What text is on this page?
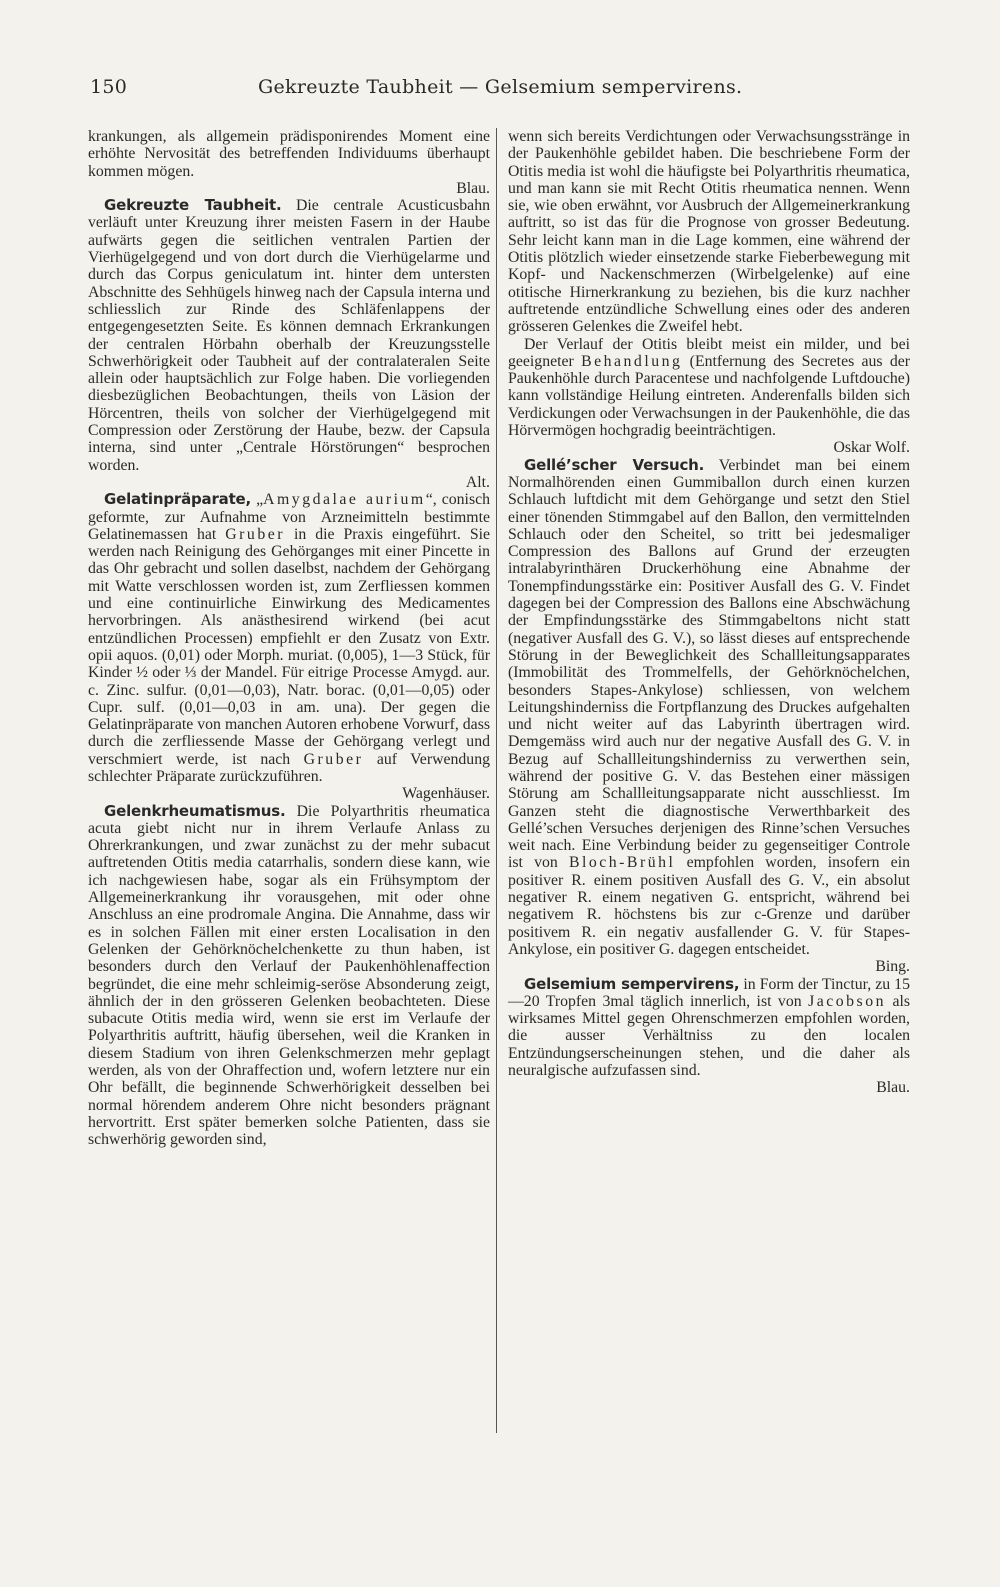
150	Gekreuzte Taubheit — Gelsemium sempervirens.

krankungen, als allgemein prädisponirendes Moment eine erhöhte Nervosität des betreffenden Individuums überhaupt kommen mögen.

Blau.

Gekreuzte Taubheit. Die centrale Acusticusbahn verläuft unter Kreuzung ihrer meisten Fasern in der Haube aufwärts gegen die seitlichen ventralen Partien der Vierhügelgegend und von dort durch die Vierhügelarme und durch das Corpus geniculatum int. hinter dem untersten Abschnitte des Sehhügels hinweg nach der Capsula interna und schliesslich zur Rinde des Schläfenlappens der entgegengesetzten Seite. Es können demnach Erkrankungen der centralen Hörbahn oberhalb der Kreuzungsstelle Schwerhörigkeit oder Taubheit auf der contralateralen Seite allein oder hauptsächlich zur Folge haben. Die vorliegenden diesbezüglichen Beobachtungen, theils von Läsion der Hörcentren, theils von solcher der Vierhügelgegend mit Compression oder Zerstörung der Haube, bezw. der Capsula interna, sind unter „Centrale Hörstörungen“ besprochen worden.

Alt.

Gelatinpräparate, „Amygdalae aurium“, conisch geformte, zur Aufnahme von Arzneimitteln bestimmte Gelatinemassen hat Gruber in die Praxis eingeführt. Sie werden nach Reinigung des Gehörganges mit einer Pincette in das Ohr gebracht und sollen daselbst, nachdem der Gehörgang mit Watte verschlossen worden ist, zum Zerfliessen kommen und eine continuirliche Einwirkung des Medicamentes hervorbringen. Als anästhesirend wirkend (bei acut entzündlichen Processen) empfiehlt er den Zusatz von Extr. opii aquos. (0,01) oder Morph. muriat. (0,005), 1—3 Stück, für Kinder ½ oder ⅓ der Mandel. Für eitrige Processe Amygd. aur. c. Zinc. sulfur. (0,01—0,03), Natr. borac. (0,01—0,05) oder Cupr. sulf. (0,01—0,03 in am. una). Der gegen die Gelatinpräparate von manchen Autoren erhobene Vorwurf, dass durch die zerfliessende Masse der Gehörgang verlegt und verschmiert werde, ist nach Gruber auf Verwendung schlechter Präparate zurückzuführen.

Wagenhäuser.

Gelenkrheumatismus. Die Polyarthritis rheumatica acuta giebt nicht nur in ihrem Verlaufe Anlass zu Ohrerkrankungen, und zwar zunächst zu der mehr subacut auftretenden Otitis media catarrhalis, sondern diese kann, wie ich nachgewiesen habe, sogar als ein Frühsymptom der Allgemeinerkrankung ihr vorausgehen, mit oder ohne Anschluss an eine prodromale Angina. Die Annahme, dass wir es in solchen Fällen mit einer ersten Localisation in den Gelenken der Gehörknöchelchenkette zu thun haben, ist besonders durch den Verlauf der Paukenhöhlenaffection begründet, die eine mehr schleimig-seröse Absonderung zeigt, ähnlich der in den grösseren Gelenken beobachteten. Diese subacute Otitis media wird, wenn sie erst im Verlaufe der Polyarthritis auftritt, häufig übersehen, weil die Kranken in diesem Stadium von ihren Gelenkschmerzen mehr geplagt werden, als von der Ohraffection und, wofern letztere nur ein Ohr befällt, die beginnende Schwerhörigkeit desselben bei normal hörendem anderem Ohre nicht besonders prägnant hervortritt. Erst später bemerken solche Patienten, dass sie schwerhörig geworden sind,

wenn sich bereits Verdichtungen oder Verwachsungsstränge in der Paukenhöhle gebildet haben. Die beschriebene Form der Otitis media ist wohl die häufigste bei Polyarthritis rheumatica, und man kann sie mit Recht Otitis rheumatica nennen. Wenn sie, wie oben erwähnt, vor Ausbruch der Allgemeinerkrankung auftritt, so ist das für die Prognose von grosser Bedeutung. Sehr leicht kann man in die Lage kommen, eine während der Otitis plötzlich wieder einsetzende starke Fieberbewegung mit Kopf- und Nackenschmerzen (Wirbelgelenke) auf eine otitische Hirnerkrankung zu beziehen, bis die kurz nachher auftretende entzündliche Schwellung eines oder des anderen grösseren Gelenkes die Zweifel hebt.

Der Verlauf der Otitis bleibt meist ein milder, und bei geeigneter Behandlung (Entfernung des Secretes aus der Paukenhöhle durch Paracentese und nachfolgende Luftdouche) kann vollständige Heilung eintreten. Anderenfalls bilden sich Verdickungen oder Verwachsungen in der Paukenhöhle, die das Hörvermögen hochgradig beeinträchtigen.

Oskar Wolf.

Gellé’scher Versuch. Verbindet man bei einem Normalhörenden einen Gummiballon durch einen kurzen Schlauch luftdicht mit dem Gehörgange und setzt den Stiel einer tönenden Stimmgabel auf den Ballon, den vermittelnden Schlauch oder den Scheitel, so tritt bei jedesmaliger Compression des Ballons auf Grund der erzeugten intralabyrinthären Druckerhöhung eine Abnahme der Tonempfindungsstärke ein: Positiver Ausfall des G. V. Findet dagegen bei der Compression des Ballons eine Abschwächung der Empfindungsstärke des Stimmgabeltons nicht statt (negativer Ausfall des G. V.), so lässt dieses auf entsprechende Störung in der Beweglichkeit des Schallleitungsapparates (Immobilität des Trommelfells, der Gehörknöchelchen, besonders Stapes-Ankylose) schliessen, von welchem Leitungshinderniss die Fortpflanzung des Druckes aufgehalten und nicht weiter auf das Labyrinth übertragen wird. Demgemäss wird auch nur der negative Ausfall des G. V. in Bezug auf Schallleitungshinderniss zu verwerthen sein, während der positive G. V. das Bestehen einer mässigen Störung am Schallleitungsapparate nicht ausschliesst. Im Ganzen steht die diagnostische Verwerthbarkeit des Gellé’schen Versuches derjenigen des Rinne’schen Versuches weit nach. Eine Verbindung beider zu gegenseitiger Controle ist von Bloch-Brühl empfohlen worden, insofern ein positiver R. einem positiven Ausfall des G. V., ein absolut negativer R. einem negativen G. entspricht, während bei negativem R. höchstens bis zur c-Grenze und darüber positivem R. ein negativ ausfallender G. V. für Stapes-Ankylose, ein positiver G. dagegen entscheidet.

Bing.

Gelsemium sempervirens, in Form der Tinctur, zu 15—20 Tropfen 3mal täglich innerlich, ist von Jacobson als wirksames Mittel gegen Ohrenschmerzen empfohlen worden, die ausser Verhältniss zu den localen Entzündungserscheinungen stehen, und die daher als neuralgische aufzufassen sind.

Blau.
